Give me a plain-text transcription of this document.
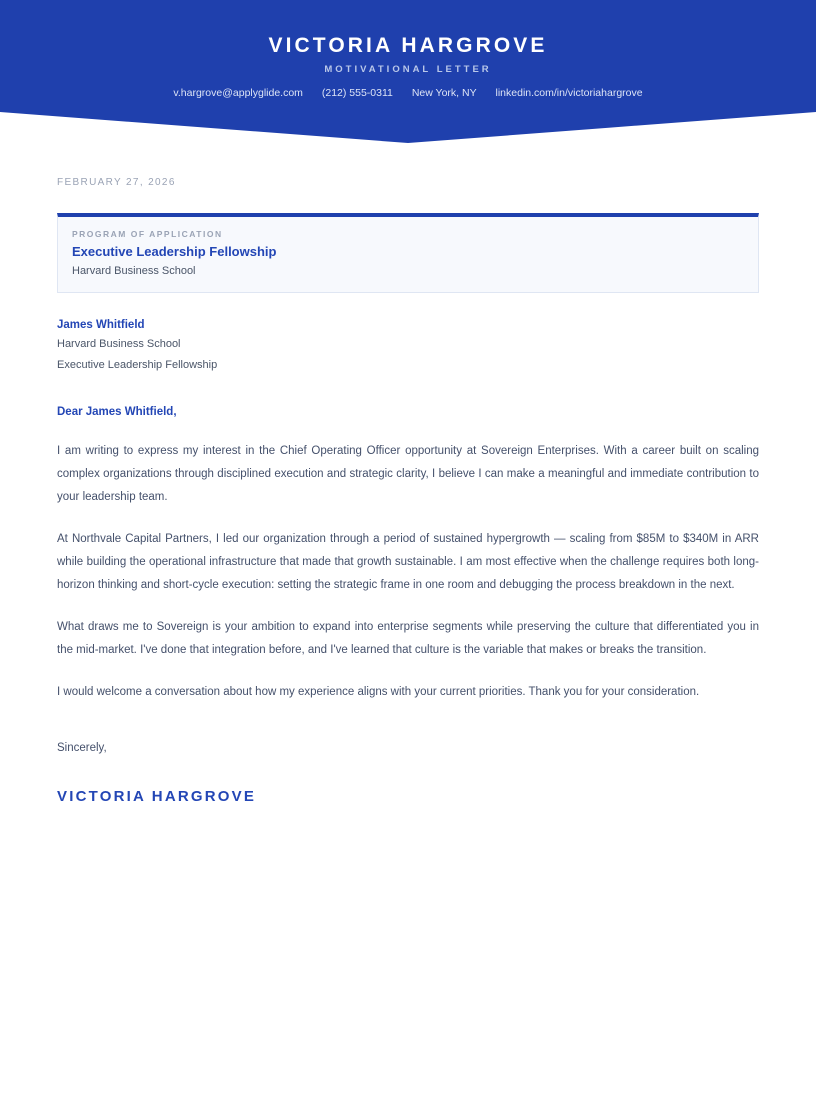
VICTORIA HARGROVE
MOTIVATIONAL LETTER
v.hargrove@applyglide.com (212) 555-0311 New York, NY linkedin.com/in/victoriahargrove
FEBRUARY 27, 2026
PROGRAM OF APPLICATION
Executive Leadership Fellowship
Harvard Business School
James Whitfield
Harvard Business School
Executive Leadership Fellowship

Dear James Whitfield,

I am writing to express my interest in the Chief Operating Officer opportunity at Sovereign Enterprises. With a career built on scaling complex organizations through disciplined execution and strategic clarity, I believe I can make a meaningful and immediate contribution to your leadership team.

At Northvale Capital Partners, I led our organization through a period of sustained hypergrowth — scaling from $85M to $340M in ARR while building the operational infrastructure that made that growth sustainable. I am most effective when the challenge requires both long-horizon thinking and short-cycle execution: setting the strategic frame in one room and debugging the process breakdown in the next.

What draws me to Sovereign is your ambition to expand into enterprise segments while preserving the culture that differentiated you in the mid-market. I've done that integration before, and I've learned that culture is the variable that makes or breaks the transition.

I would welcome a conversation about how my experience aligns with your current priorities. Thank you for your consideration.

Sincerely,

VICTORIA HARGROVE
